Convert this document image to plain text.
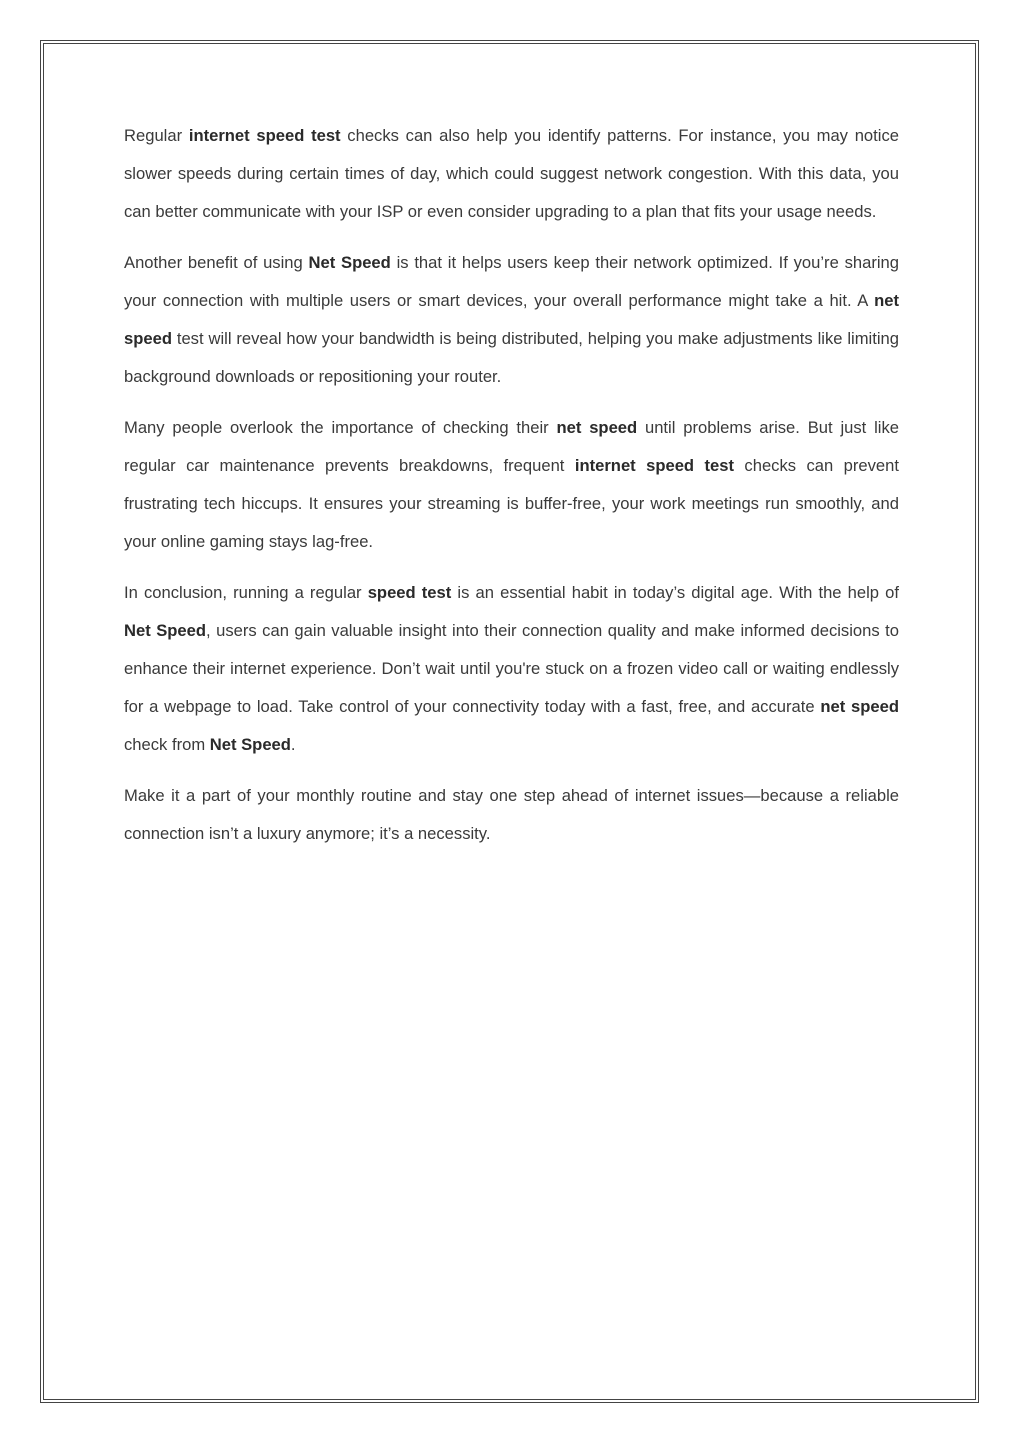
Regular internet speed test checks can also help you identify patterns. For instance, you may notice slower speeds during certain times of day, which could suggest network congestion. With this data, you can better communicate with your ISP or even consider upgrading to a plan that fits your usage needs.

Another benefit of using Net Speed is that it helps users keep their network optimized. If you’re sharing your connection with multiple users or smart devices, your overall performance might take a hit. A net speed test will reveal how your bandwidth is being distributed, helping you make adjustments like limiting background downloads or repositioning your router.

Many people overlook the importance of checking their net speed until problems arise. But just like regular car maintenance prevents breakdowns, frequent internet speed test checks can prevent frustrating tech hiccups. It ensures your streaming is buffer-free, your work meetings run smoothly, and your online gaming stays lag-free.

In conclusion, running a regular speed test is an essential habit in today’s digital age. With the help of Net Speed, users can gain valuable insight into their connection quality and make informed decisions to enhance their internet experience. Don’t wait until you're stuck on a frozen video call or waiting endlessly for a webpage to load. Take control of your connectivity today with a fast, free, and accurate net speed check from Net Speed.

Make it a part of your monthly routine and stay one step ahead of internet issues—because a reliable connection isn’t a luxury anymore; it’s a necessity.
